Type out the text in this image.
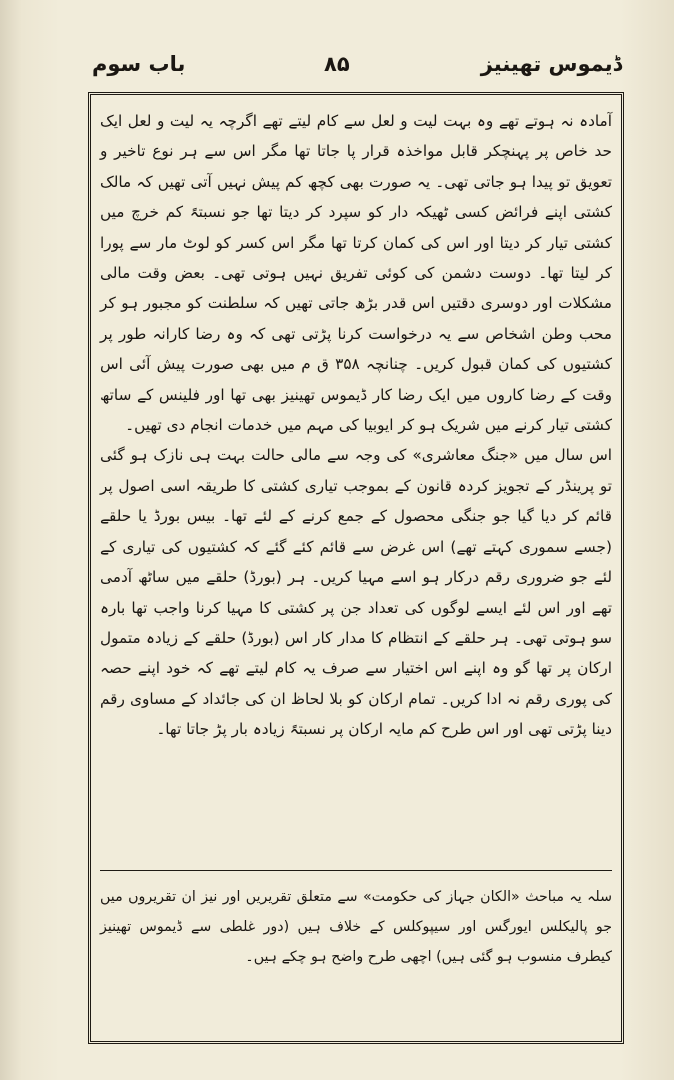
ڈیموس تھینیز
۸۵
باب سوم

آمادہ نہ ہوتے تھے وہ بہت لیت و لعل سے کام لیتے تھے اگرچہ یہ لیت و لعل ایک حد خاص پر پہنچکر قابل مواخذہ قرار پا جاتا تھا مگر اس سے ہر نوع تاخیر و تعویق تو پیدا ہو جاتی تھی۔ یہ صورت بھی کچھ کم پیش نہیں آتی تھیں کہ مالک کشتی اپنے فرائض کسی ٹھیکہ دار کو سپرد کر دیتا تھا جو نسبتہً کم خرچ میں کشتی تیار کر دیتا اور اس کی کمان کرتا تھا مگر اس کسر کو لوٹ مار سے پورا کر لیتا تھا۔ دوست دشمن کی کوئی تفریق نہیں ہوتی تھی۔ بعض وقت مالی مشکلات اور دوسری دقتیں اس قدر بڑھ جاتی تھیں کہ سلطنت کو مجبور ہو کر محب وطن اشخاص سے یہ درخواست کرنا پڑتی تھی کہ وہ رضا کارانہ طور پر کشتیوں کی کمان قبول کریں۔ چنانچہ ۳۵۸ ق م میں بھی صورت پیش آئی اس وقت کے رضا کاروں میں ایک رضا کار ڈیموس تھینیز بھی تھا اور فلینس کے ساتھ کشتی تیار کرنے میں شریک ہو کر ایوبیا کی مہم میں خدمات انجام دی تھیں۔

اس سال میں «جنگ معاشری» کی وجہ سے مالی حالت بہت ہی نازک ہو گئی تو پرینڈر کے تجویز کردہ قانون کے بموجب تیاری کشتی کا طریقہ اسی اصول پر قائم کر دیا گیا جو جنگی محصول کے جمع کرنے کے لئے تھا۔ بیس بورڈ یا حلقے (جسے سموری کہتے تھے) اس غرض سے قائم کئے گئے کہ کشتیوں کی تیاری کے لئے جو ضروری رقم درکار ہو اسے مہیا کریں۔ ہر (بورڈ) حلقے میں ساٹھ آدمی تھے اور اس لئے ایسے لوگوں کی تعداد جن پر کشتی کا مہیا کرنا واجب تھا بارہ سو ہوتی تھی۔ ہر حلقے کے انتظام کا مدار کار اس (بورڈ) حلقے کے زیادہ متمول ارکان پر تھا گو وہ اپنے اس اختیار سے صرف یہ کام لیتے تھے کہ خود اپنے حصہ کی پوری رقم نہ ادا کریں۔ تمام ارکان کو بلا لحاظ ان کی جائداد کے مساوی رقم دینا پڑتی تھی اور اس طرح کم مایہ ارکان پر نسبتہً زیادہ بار پڑ جاتا تھا۔

سلہ یہ مباحث «الکان جہاز کی حکومت» سے متعلق تقریریں اور نیز ان تقریروں میں جو پالیکلس ایورگس اور سیپوکلس کے خلاف ہیں (دور غلطی سے ڈیموس تھینیز کیطرف منسوب ہو گئی ہیں) اچھی طرح واضح ہو چکے ہیں۔
